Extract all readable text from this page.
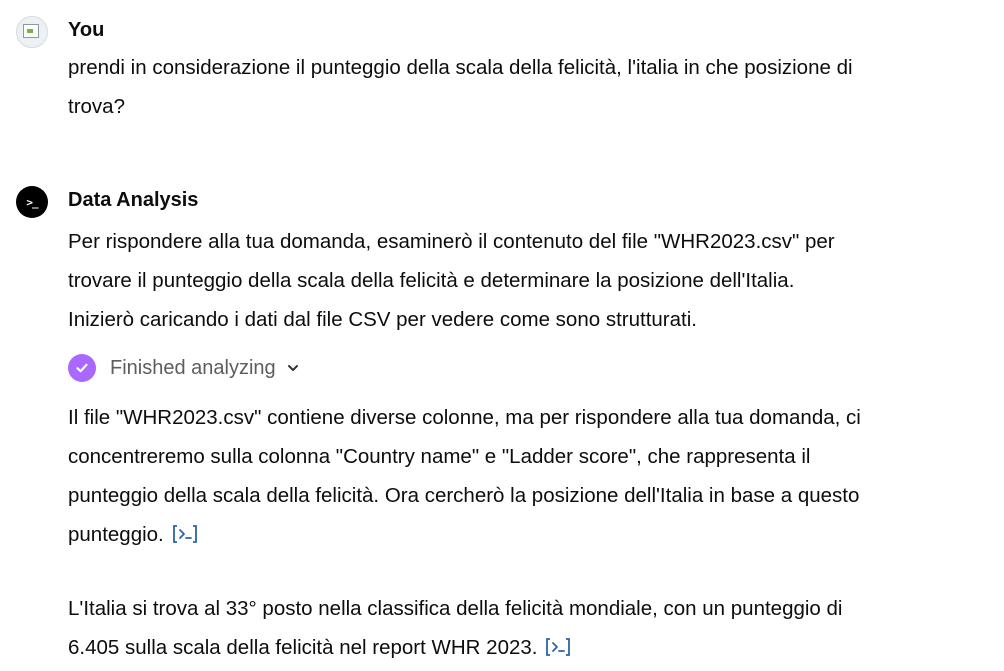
You
prendi in considerazione il punteggio della scala della felicità, l'italia in che posizione di
trova?
>_	Data Analysis
Per rispondere alla tua domanda, esaminerò il contenuto del file "WHR2023.csv" per
trovare il punteggio della scala della felicità e determinare la posizione dell'Italia.
Inizierò caricando i dati dal file CSV per vedere come sono strutturati.
Finished analyzing
Il file "WHR2023.csv" contiene diverse colonne, ma per rispondere alla tua domanda, ci
concentreremo sulla colonna "Country name" e "Ladder score", che rappresenta il
punteggio della scala della felicità. Ora cercherò la posizione dell'Italia in base a questo
punteggio.
L'Italia si trova al 33° posto nella classifica della felicità mondiale, con un punteggio di
6.405 sulla scala della felicità nel report WHR 2023.
